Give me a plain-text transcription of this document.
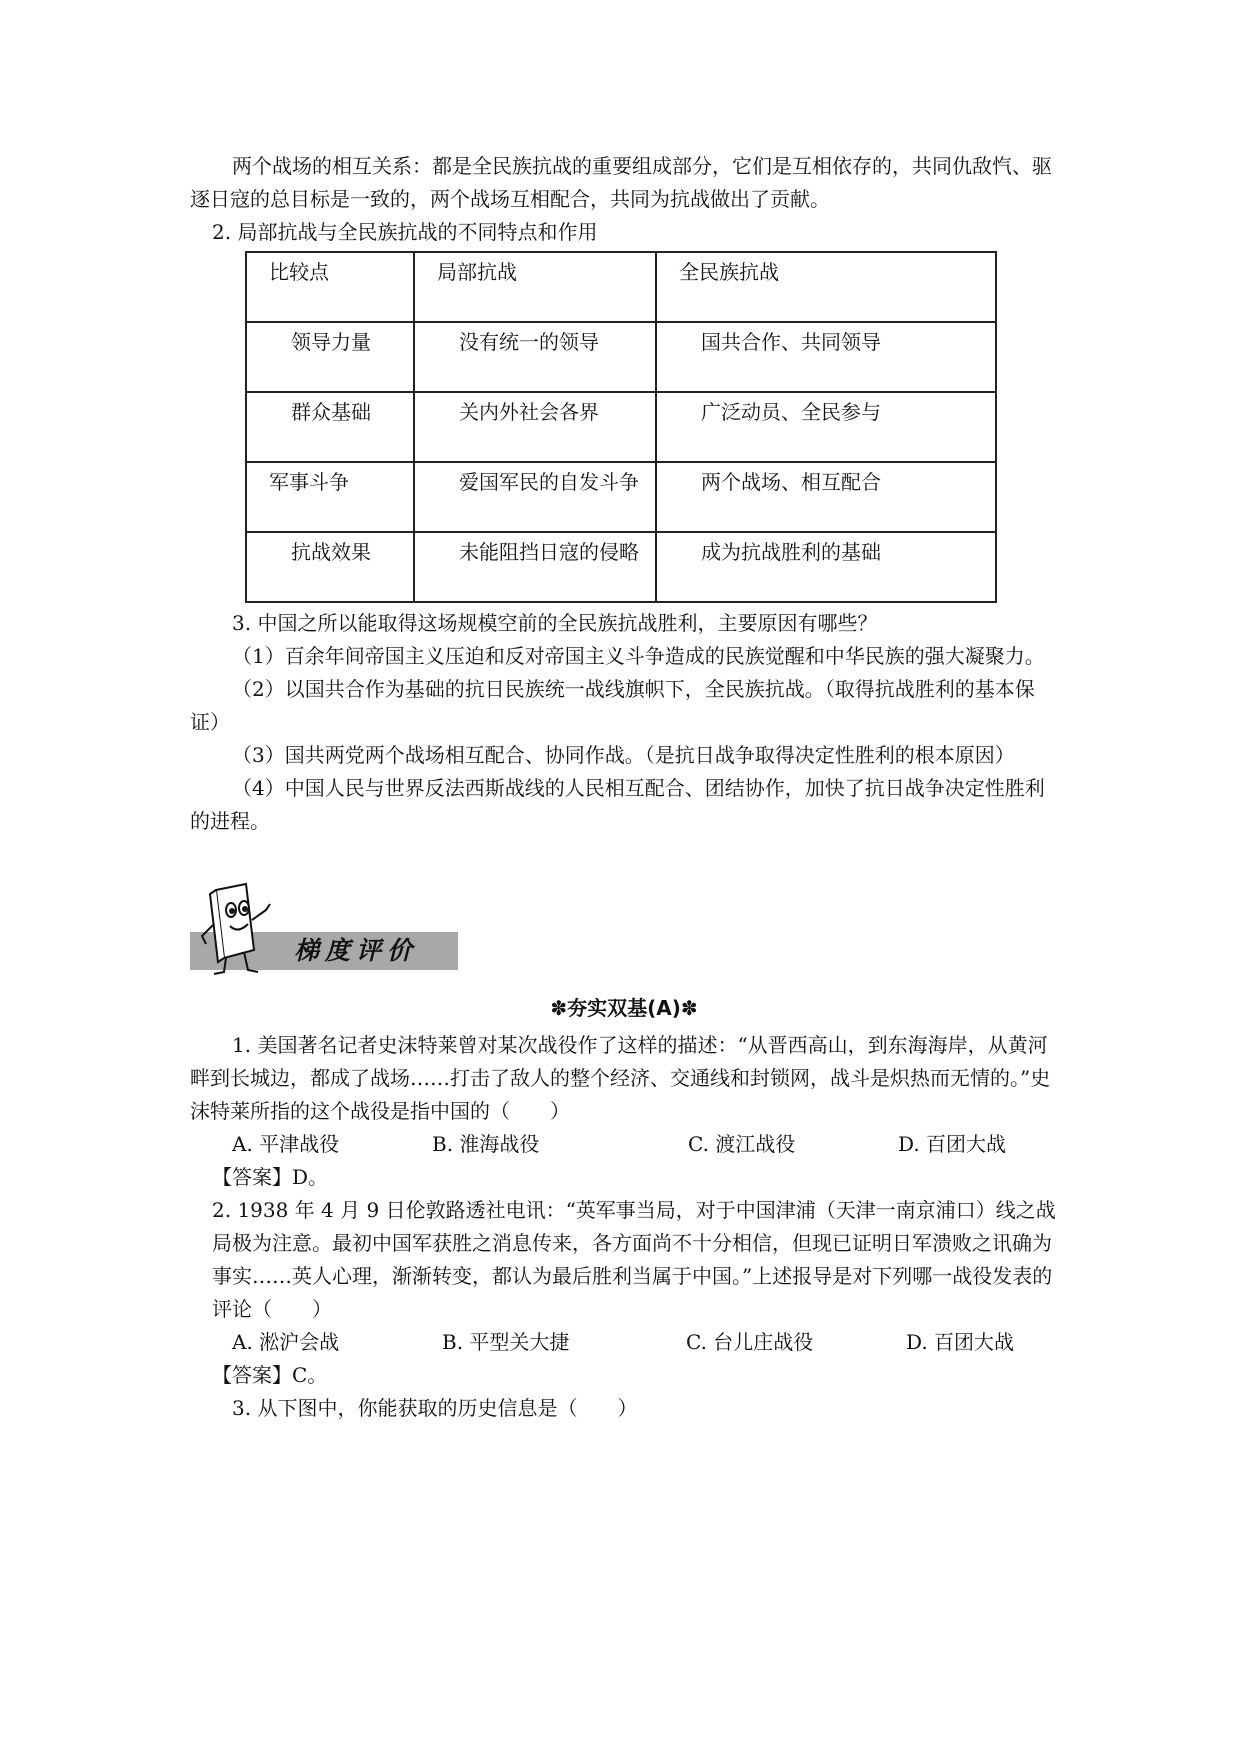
两个战场的相互关系：都是全民族抗战的重要组成部分，它们是互相依存的，共同仇敌忾、驱逐日寇的总目标是一致的，两个战场互相配合，共同为抗战做出了贡献。

2. 局部抗战与全民族抗战的不同特点和作用

比较点	局部抗战	全民族抗战
领导力量	没有统一的领导	国共合作、共同领导
群众基础	关内外社会各界	广泛动员、全民参与
军事斗争	爱国军民的自发斗争	两个战场、相互配合
抗战效果	未能阻挡日寇的侵略	成为抗战胜利的基础

3. 中国之所以能取得这场规模空前的全民族抗战胜利，主要原因有哪些？

（1）百余年间帝国主义压迫和反对帝国主义斗争造成的民族觉醒和中华民族的强大凝聚力。

（2）以国共合作为基础的抗日民族统一战线旗帜下，全民族抗战。（取得抗战胜利的基本保证）

（3）国共两党两个战场相互配合、协同作战。（是抗日战争取得决定性胜利的根本原因）

（4）中国人民与世界反法西斯战线的人民相互配合、团结协作，加快了抗日战争决定性胜利的进程。

梯度评价

✽夯实双基(A)✽

1. 美国著名记者史沫特莱曾对某次战役作了这样的描述：“从晋西高山，到东海海岸，从黄河畔到长城边，都成了战场……打击了敌人的整个经济、交通线和封锁网，战斗是炽热而无情的。”史沫特莱所指的这个战役是指中国的（　　）

A. 平津战役	B. 淮海战役	C. 渡江战役	D. 百团大战

【答案】D。

2. 1938 年 4 月 9 日伦敦路透社电讯：“英军事当局，对于中国津浦（天津一南京浦口）线之战局极为注意。最初中国军获胜之消息传来，各方面尚不十分相信，但现已证明日军溃败之讯确为事实……英人心理，渐渐转变，都认为最后胜利当属于中国。”上述报导是对下列哪一战役发表的评论（　　）

A. 淞沪会战	B. 平型关大捷	C. 台儿庄战役	D. 百团大战

【答案】C。

3. 从下图中，你能获取的历史信息是（　　）
